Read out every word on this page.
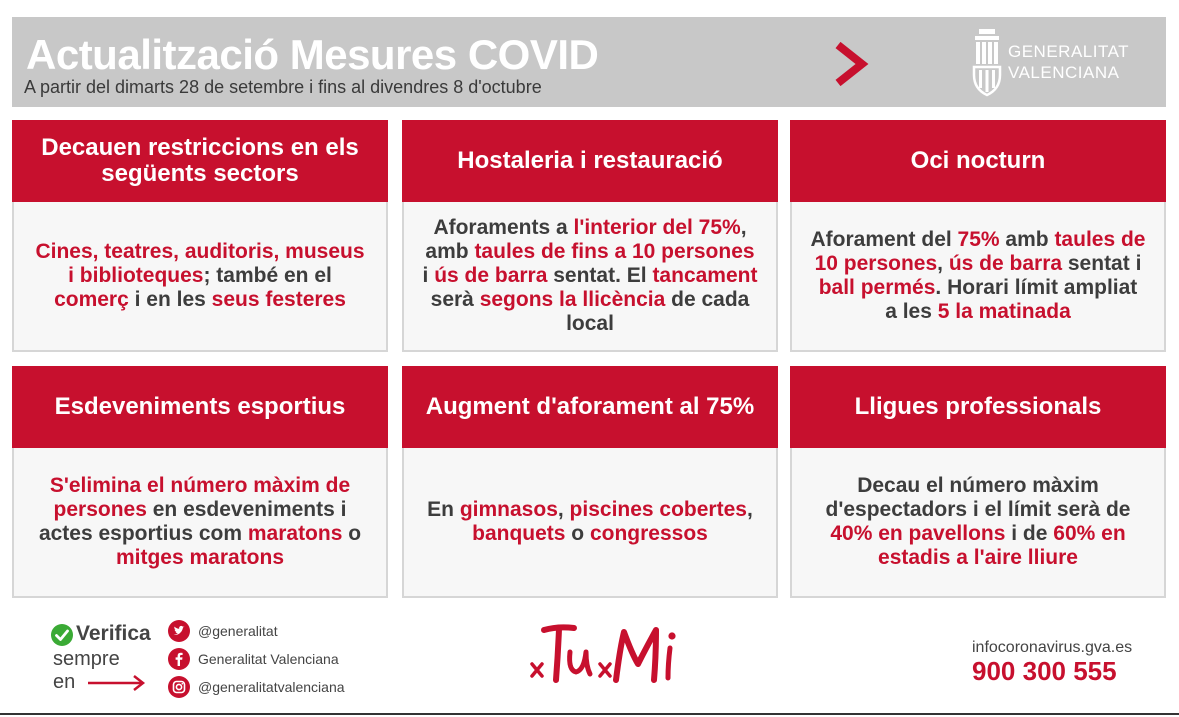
Actualització Mesures COVID
A partir del dimarts 28 de setembre i fins al divendres 8 d'octubre
GENERALITAT
VALENCIANA
Decauen restriccions en els següents sectors
Cines, teatres, auditoris, museus i biblioteques; també en el comerç i en les seus festeres
Hostaleria i restauració
Aforaments a l'interior del 75%, amb taules de fins a 10 persones i ús de barra sentat. El tancament serà segons la llicència de cada local
Oci nocturn
Aforament del 75% amb taules de 10 persones, ús de barra sentat i ball permés. Horari límit ampliat a les 5 la matinada
Esdeveniments esportius
S'elimina el número màxim de persones en esdeveniments i actes esportius com maratons o mitges maratons
Augment d'aforament al 75%
En gimnasos, piscines cobertes, banquets o congressos
Lligues professionals
Decau el número màxim d'espectadors i el límit serà de 40% en pavellons i de 60% en estadis a l'aire lliure
Verifica
sempre
en
@generalitat
Generalitat Valenciana
@generalitatvalenciana
infocoronavirus.gva.es
900 300 555
